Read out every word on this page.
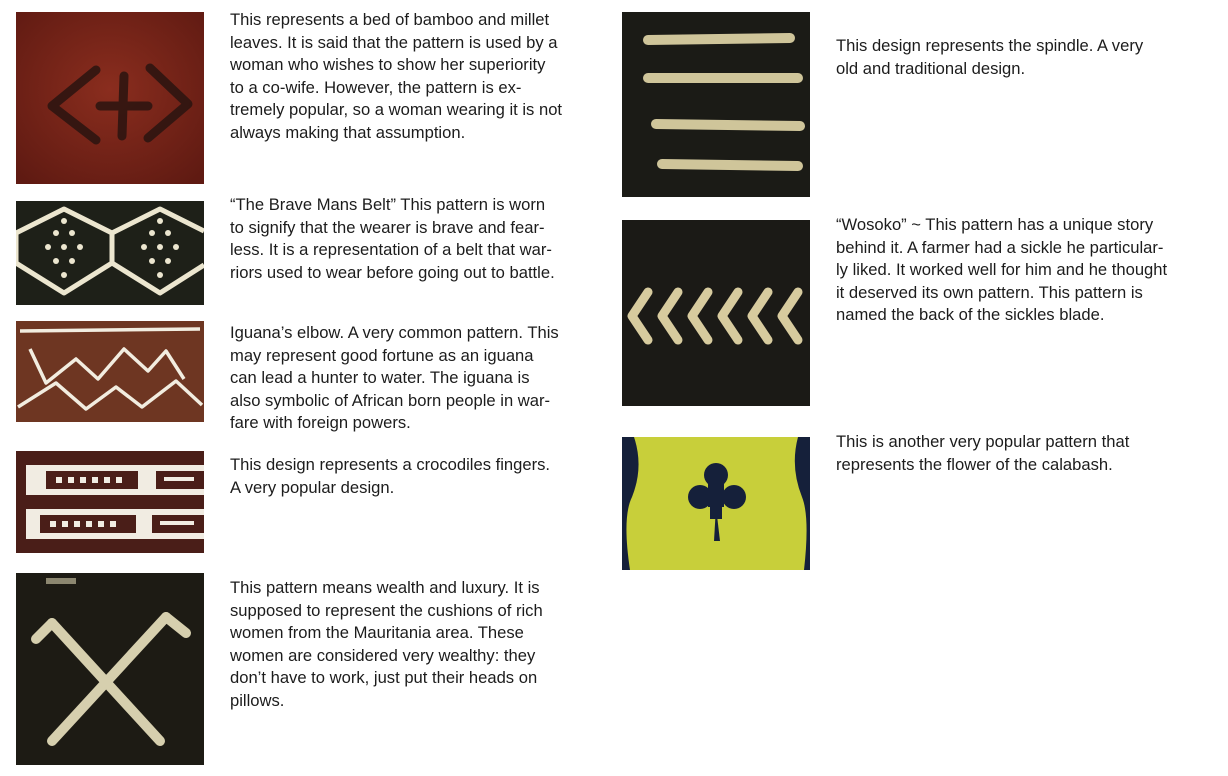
This represents a bed of bamboo and millet
leaves. It is said that the pattern is used by a
woman who wishes to show her superiority
to a co-wife. However, the pattern is ex-
tremely popular, so a woman wearing it is not
always making that assumption.

“The Brave Mans Belt” This pattern is worn
to signify that the wearer is brave and fear-
less. It is a representation of a belt that war-
riors used to wear before going out to battle.

Iguana’s elbow. A very common pattern. This
may represent good fortune as an iguana
can lead a hunter to water. The iguana is
also symbolic of African born people in war-
fare with foreign powers.

This design represents a crocodiles fingers.
A very popular design.

This pattern means wealth and luxury. It is
supposed to represent the cushions of rich
women from the Mauritania area. These
women are considered very wealthy: they
don’t have to work, just put their heads on
pillows.

This design represents the spindle. A very
old and traditional design.

“Wosoko” ~ This pattern has a unique story
behind it. A farmer had a sickle he particular-
ly liked. It worked well for him and he thought
it deserved its own pattern. This pattern is
named the back of the sickles blade.

This is another very popular pattern that
represents the flower of the calabash.
